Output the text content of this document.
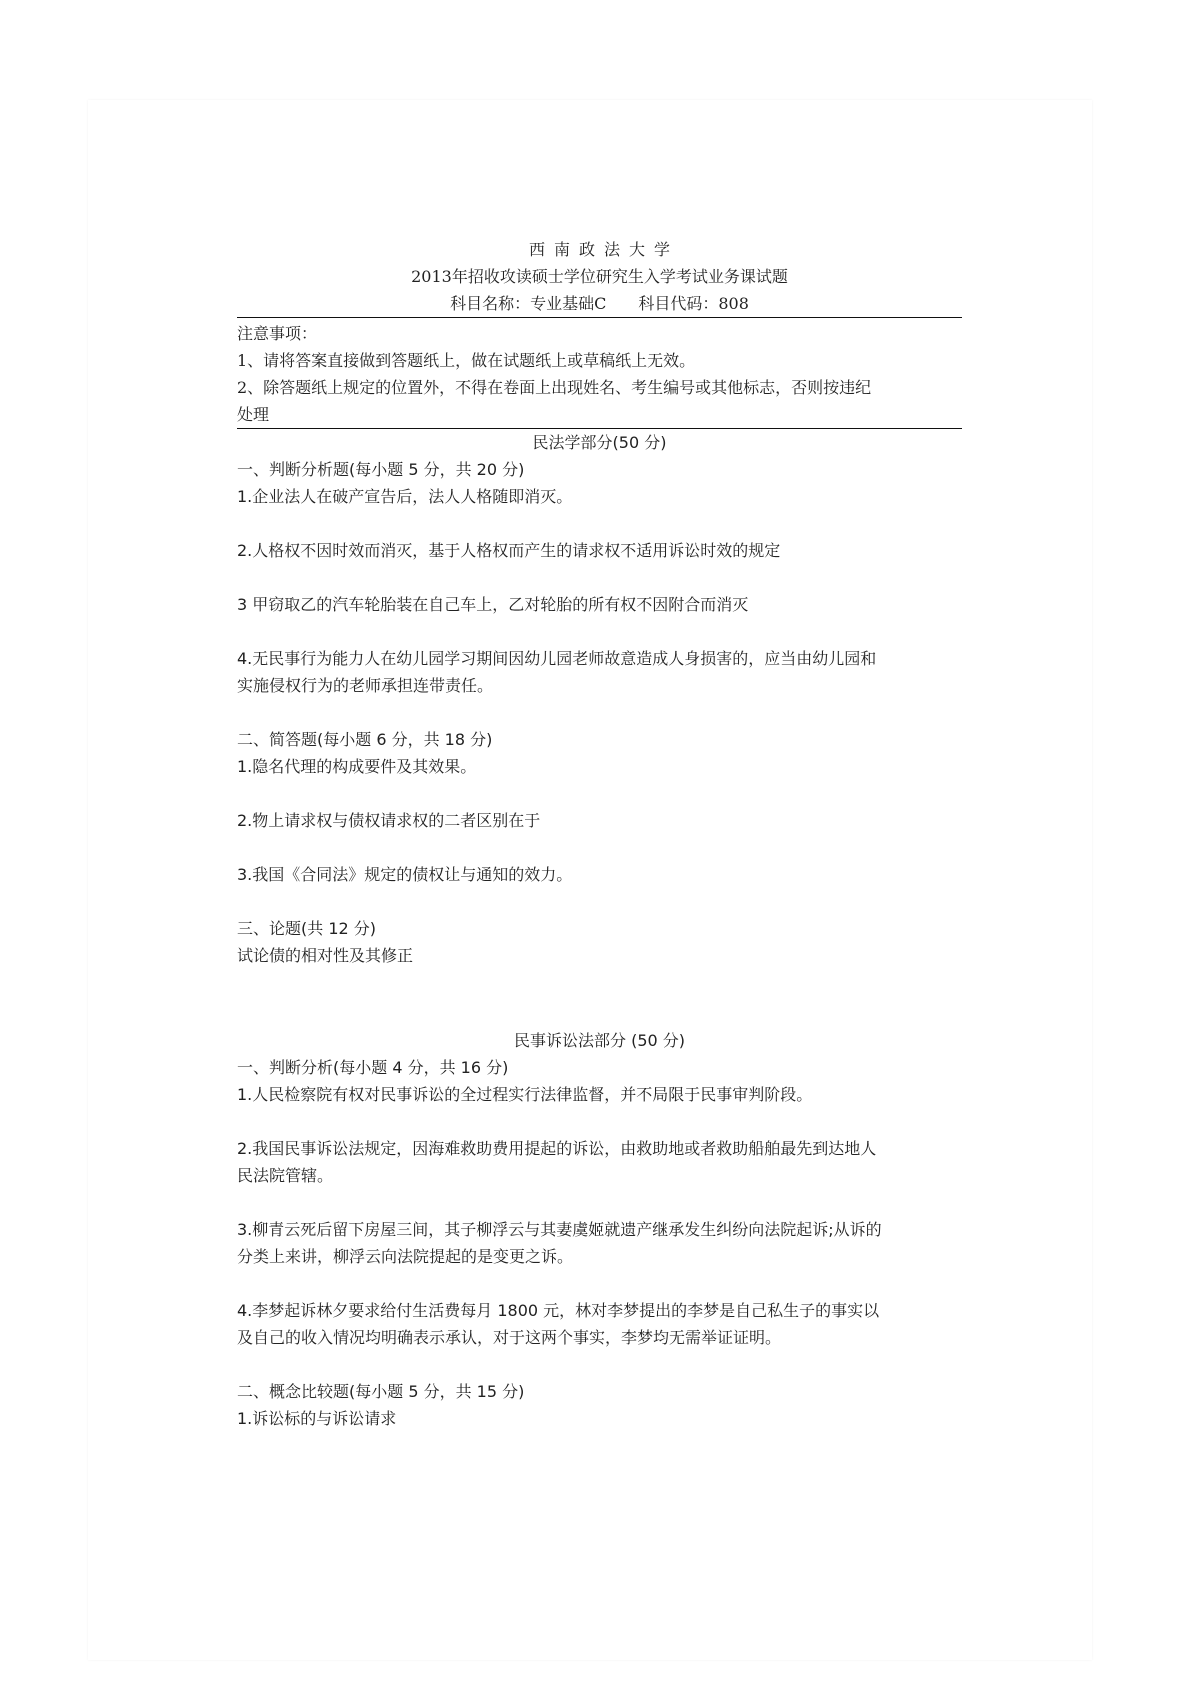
西南政法大学
2013年招收攻读硕士学位研究生入学考试业务课试题
科目名称：专业基础C　　科目代码：808
注意事项：
1、请将答案直接做到答题纸上，做在试题纸上或草稿纸上无效。
2、除答题纸上规定的位置外，不得在卷面上出现姓名、考生编号或其他标志，否则按违纪
处理
民法学部分(50 分)
一、判断分析题(每小题 5 分，共 20 分)
1.企业法人在破产宣告后，法人人格随即消灭。
2.人格权不因时效而消灭，基于人格权而产生的请求权不适用诉讼时效的规定
3 甲窃取乙的汽车轮胎装在自己车上，乙对轮胎的所有权不因附合而消灭
4.无民事行为能力人在幼儿园学习期间因幼儿园老师故意造成人身损害的，应当由幼儿园和
实施侵权行为的老师承担连带责任。
二、简答题(每小题 6 分，共 18 分)
1.隐名代理的构成要件及其效果。
2.物上请求权与债权请求权的二者区别在于
3.我国《合同法》规定的债权让与通知的效力。
三、论题(共 12 分)
试论债的相对性及其修正
民事诉讼法部分 (50 分)
一、判断分析(每小题 4 分，共 16 分)
1.人民检察院有权对民事诉讼的全过程实行法律监督，并不局限于民事审判阶段。
2.我国民事诉讼法规定，因海难救助费用提起的诉讼，由救助地或者救助船舶最先到达地人
民法院管辖。
3.柳青云死后留下房屋三间，其子柳浮云与其妻虞姬就遗产继承发生纠纷向法院起诉;从诉的
分类上来讲，柳浮云向法院提起的是变更之诉。
4.李梦起诉林夕要求给付生活费每月 1800 元，林对李梦提出的李梦是自己私生子的事实以
及自己的收入情况均明确表示承认，对于这两个事实，李梦均无需举证证明。
二、概念比较题(每小题 5 分，共 15 分)
1.诉讼标的与诉讼请求
